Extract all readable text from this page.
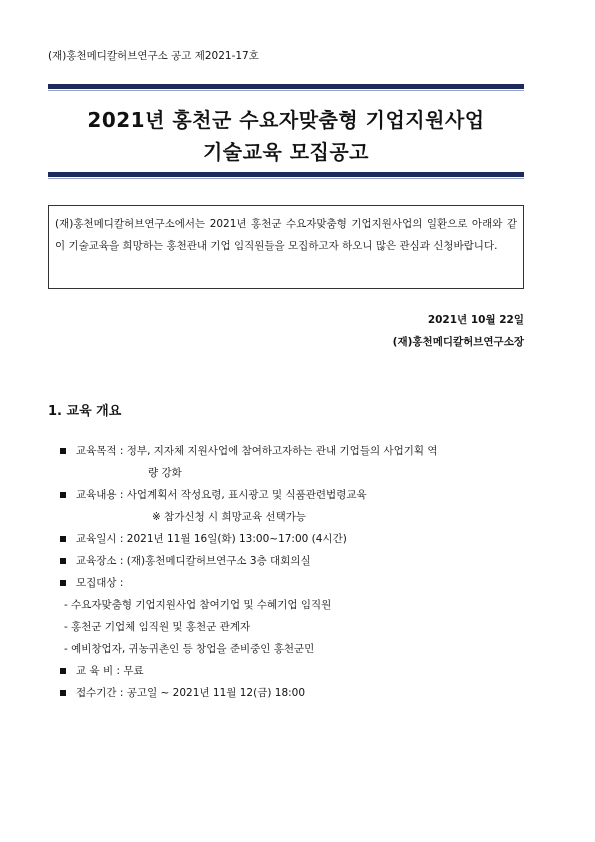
(재)홍천메디칼허브연구소 공고 제2021-17호
2021년 홍천군 수요자맞춤형 기업지원사업
기술교육 모집공고
(재)홍천메디칼허브연구소에서는 2021년 홍천군 수요자맞춤형 기업지원사업의 일환으로 아래와 같이 기술교육을 희망하는 홍천관내 기업 임직원들을 모집하고자 하오니 많은 관심과 신청바랍니다.
2021년 10월 22일
(재)홍천메디칼허브연구소장
1. 교육 개요
교육목적 : 정부, 지자체 지원사업에 참여하고자하는 관내 기업들의 사업기획 역
량 강화
교육내용 : 사업계획서 작성요령, 표시광고 및 식품관련법령교육
※ 참가신청 시 희망교육 선택가능
교육일시 : 2021년 11월 16일(화) 13:00~17:00 (4시간)
교육장소 : (재)홍천메디칼허브연구소 3층 대회의실
모집대상 :
- 수요자맞춤형 기업지원사업 참여기업 및 수혜기업 임직원
- 홍천군 기업체 임직원 및 홍천군 관계자
- 예비창업자, 귀농귀촌인 등 창업을 준비중인 홍천군민
교 육 비 : 무료
접수기간 : 공고일 ~ 2021년 11월 12(금) 18:00
